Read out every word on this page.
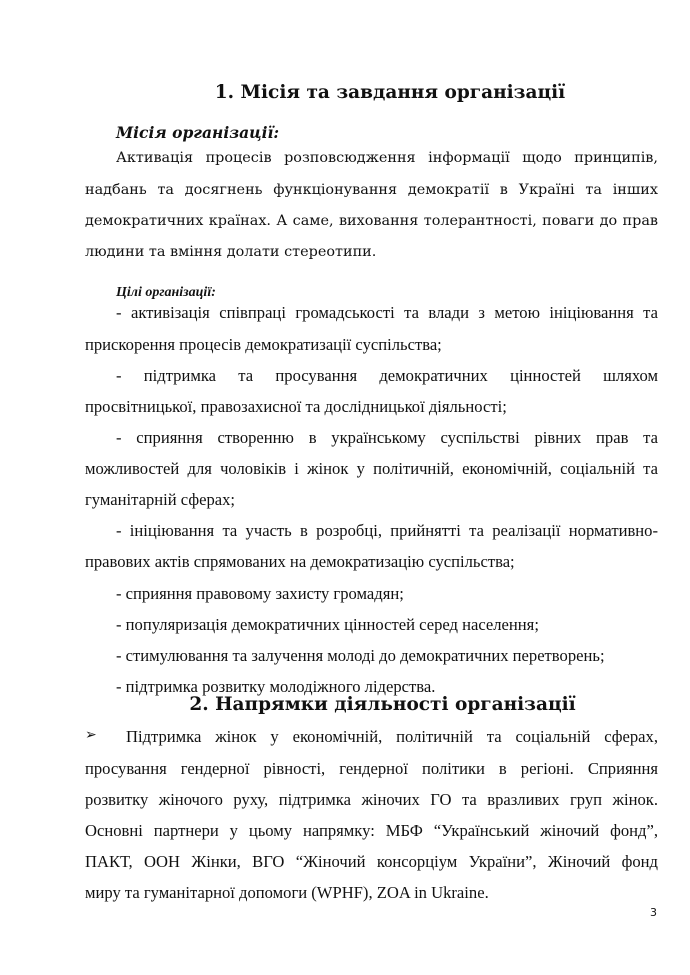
1. Місія та завдання організації
Місія організації:
Активація процесів розповсюдження інформації щодо принципів,
надбань та досягнень функціонування демократії в Україні та інших
демократичних країнах. А саме, виховання толерантності, поваги до прав
людини та вміння долати стереотипи.
Цілі організації:
- активізація співпраці громадськості та влади з метою ініціювання та
прискорення процесів демократизації суспільства;
- підтримка та просування демократичних цінностей шляхом
просвітницької, правозахисної та дослідницької діяльності;
- сприяння створенню в українському суспільстві рівних прав та
можливостей для чоловіків і жінок у політичній, економічній, соціальній та
гуманітарній сферах;
- ініціювання та участь в розробці, прийнятті та реалізації нормативно-
правових актів спрямованих на демократизацію суспільства;
- сприяння правовому захисту громадян;
- популяризація демократичних цінностей серед населення;
- стимулювання та залучення молоді до демократичних перетворень;
- підтримка розвитку молодіжного лідерства.
2. Напрямки діяльності організації
➢ Підтримка жінок у економічній, політичній та соціальній сферах,
просування гендерної рівності, гендерної політики в регіоні. Сприяння
розвитку жіночого руху, підтримка жіночих ГО та вразливих груп жінок.
Основні партнери у цьому напрямку: МБФ “Український жіночий фонд”,
ПАКТ, ООН Жінки, ВГО “Жіночий консорціум України”, Жіночий фонд
миру та гуманітарної допомоги (WPHF), ZOA in Ukraine.
3
